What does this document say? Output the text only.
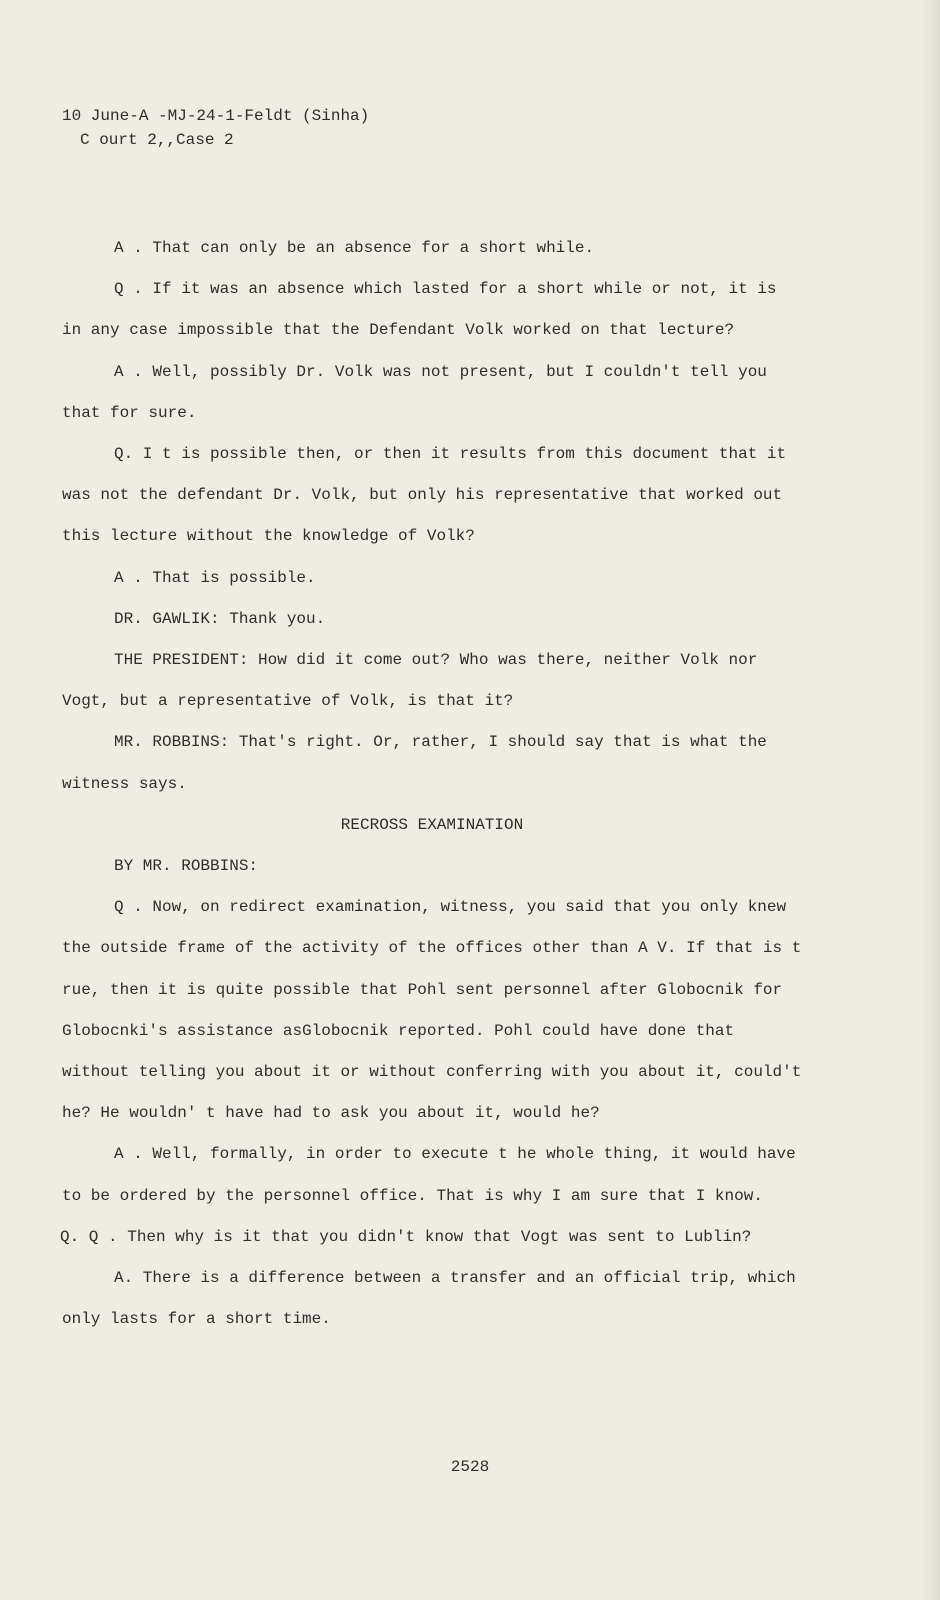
10 June-A -MJ-24-1-Feldt (Sinha)
C ourt 2,,Case 2

A . That can only be an absence for a short while.

Q . If it was an absence which lasted for a short while or not, it is in any case impossible that the Defendant Volk worked on that lecture?

A . Well, possibly Dr. Volk was not present, but I couldn't tell you that for sure.

Q. I t is possible then, or then it results from this document that it was not the defendant Dr. Volk, but only his representative that worked out this lecture without the knowledge of Volk?

A . That is possible.

DR. GAWLIK: Thank you.

THE PRESIDENT: How did it come out? Who was there, neither Volk nor Vogt, but a representative of Volk, is that it?

MR. ROBBINS: That's right. Or, rather, I should say that is what the witness says.

RECROSS EXAMINATION

BY MR. ROBBINS:

Q . Now, on redirect examination, witness, you said that you only knew the outside frame of the activity of the offices other than A V. If that is t rue, then it is quite possible that Pohl sent personnel after Globocnik for Globocnki's assistance asGlobocnik reported. Pohl could have done that without telling you about it or without conferring with you about it, could't he? He wouldn' t have had to ask you about it, would he?

A . Well, formally, in order to execute t he whole thing, it would have to be ordered by the personnel office. That is why I am sure that I know.

Q. Q . Then why is it that you didn't know that Vogt was sent to Lublin?

A. There is a difference between a transfer and an official trip, which only lasts for a short time.

2528
